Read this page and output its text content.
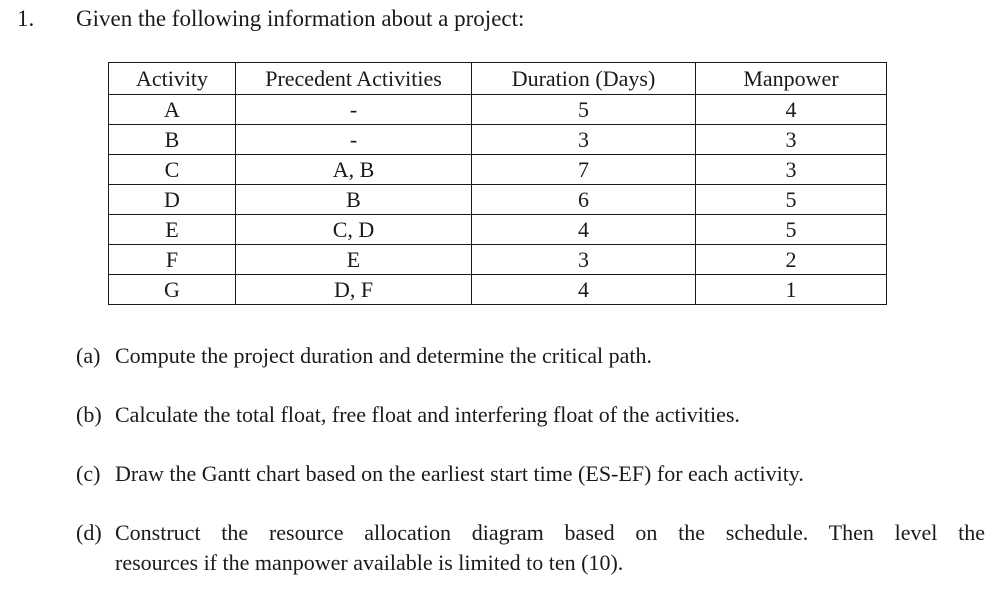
1. Given the following information about a project:
Activity	Precedent Activities	Duration (Days)	Manpower
A	-	5	4
B	-	3	3
C	A, B	7	3
D	B	6	5
E	C, D	4	5
F	E	3	2
G	D, F	4	1
(a) Compute the project duration and determine the critical path.
(b) Calculate the total float, free float and interfering float of the activities.
(c) Draw the Gantt chart based on the earliest start time (ES-EF) for each activity.
(d) Construct the resource allocation diagram based on the schedule. Then level the
resources if the manpower available is limited to ten (10).
